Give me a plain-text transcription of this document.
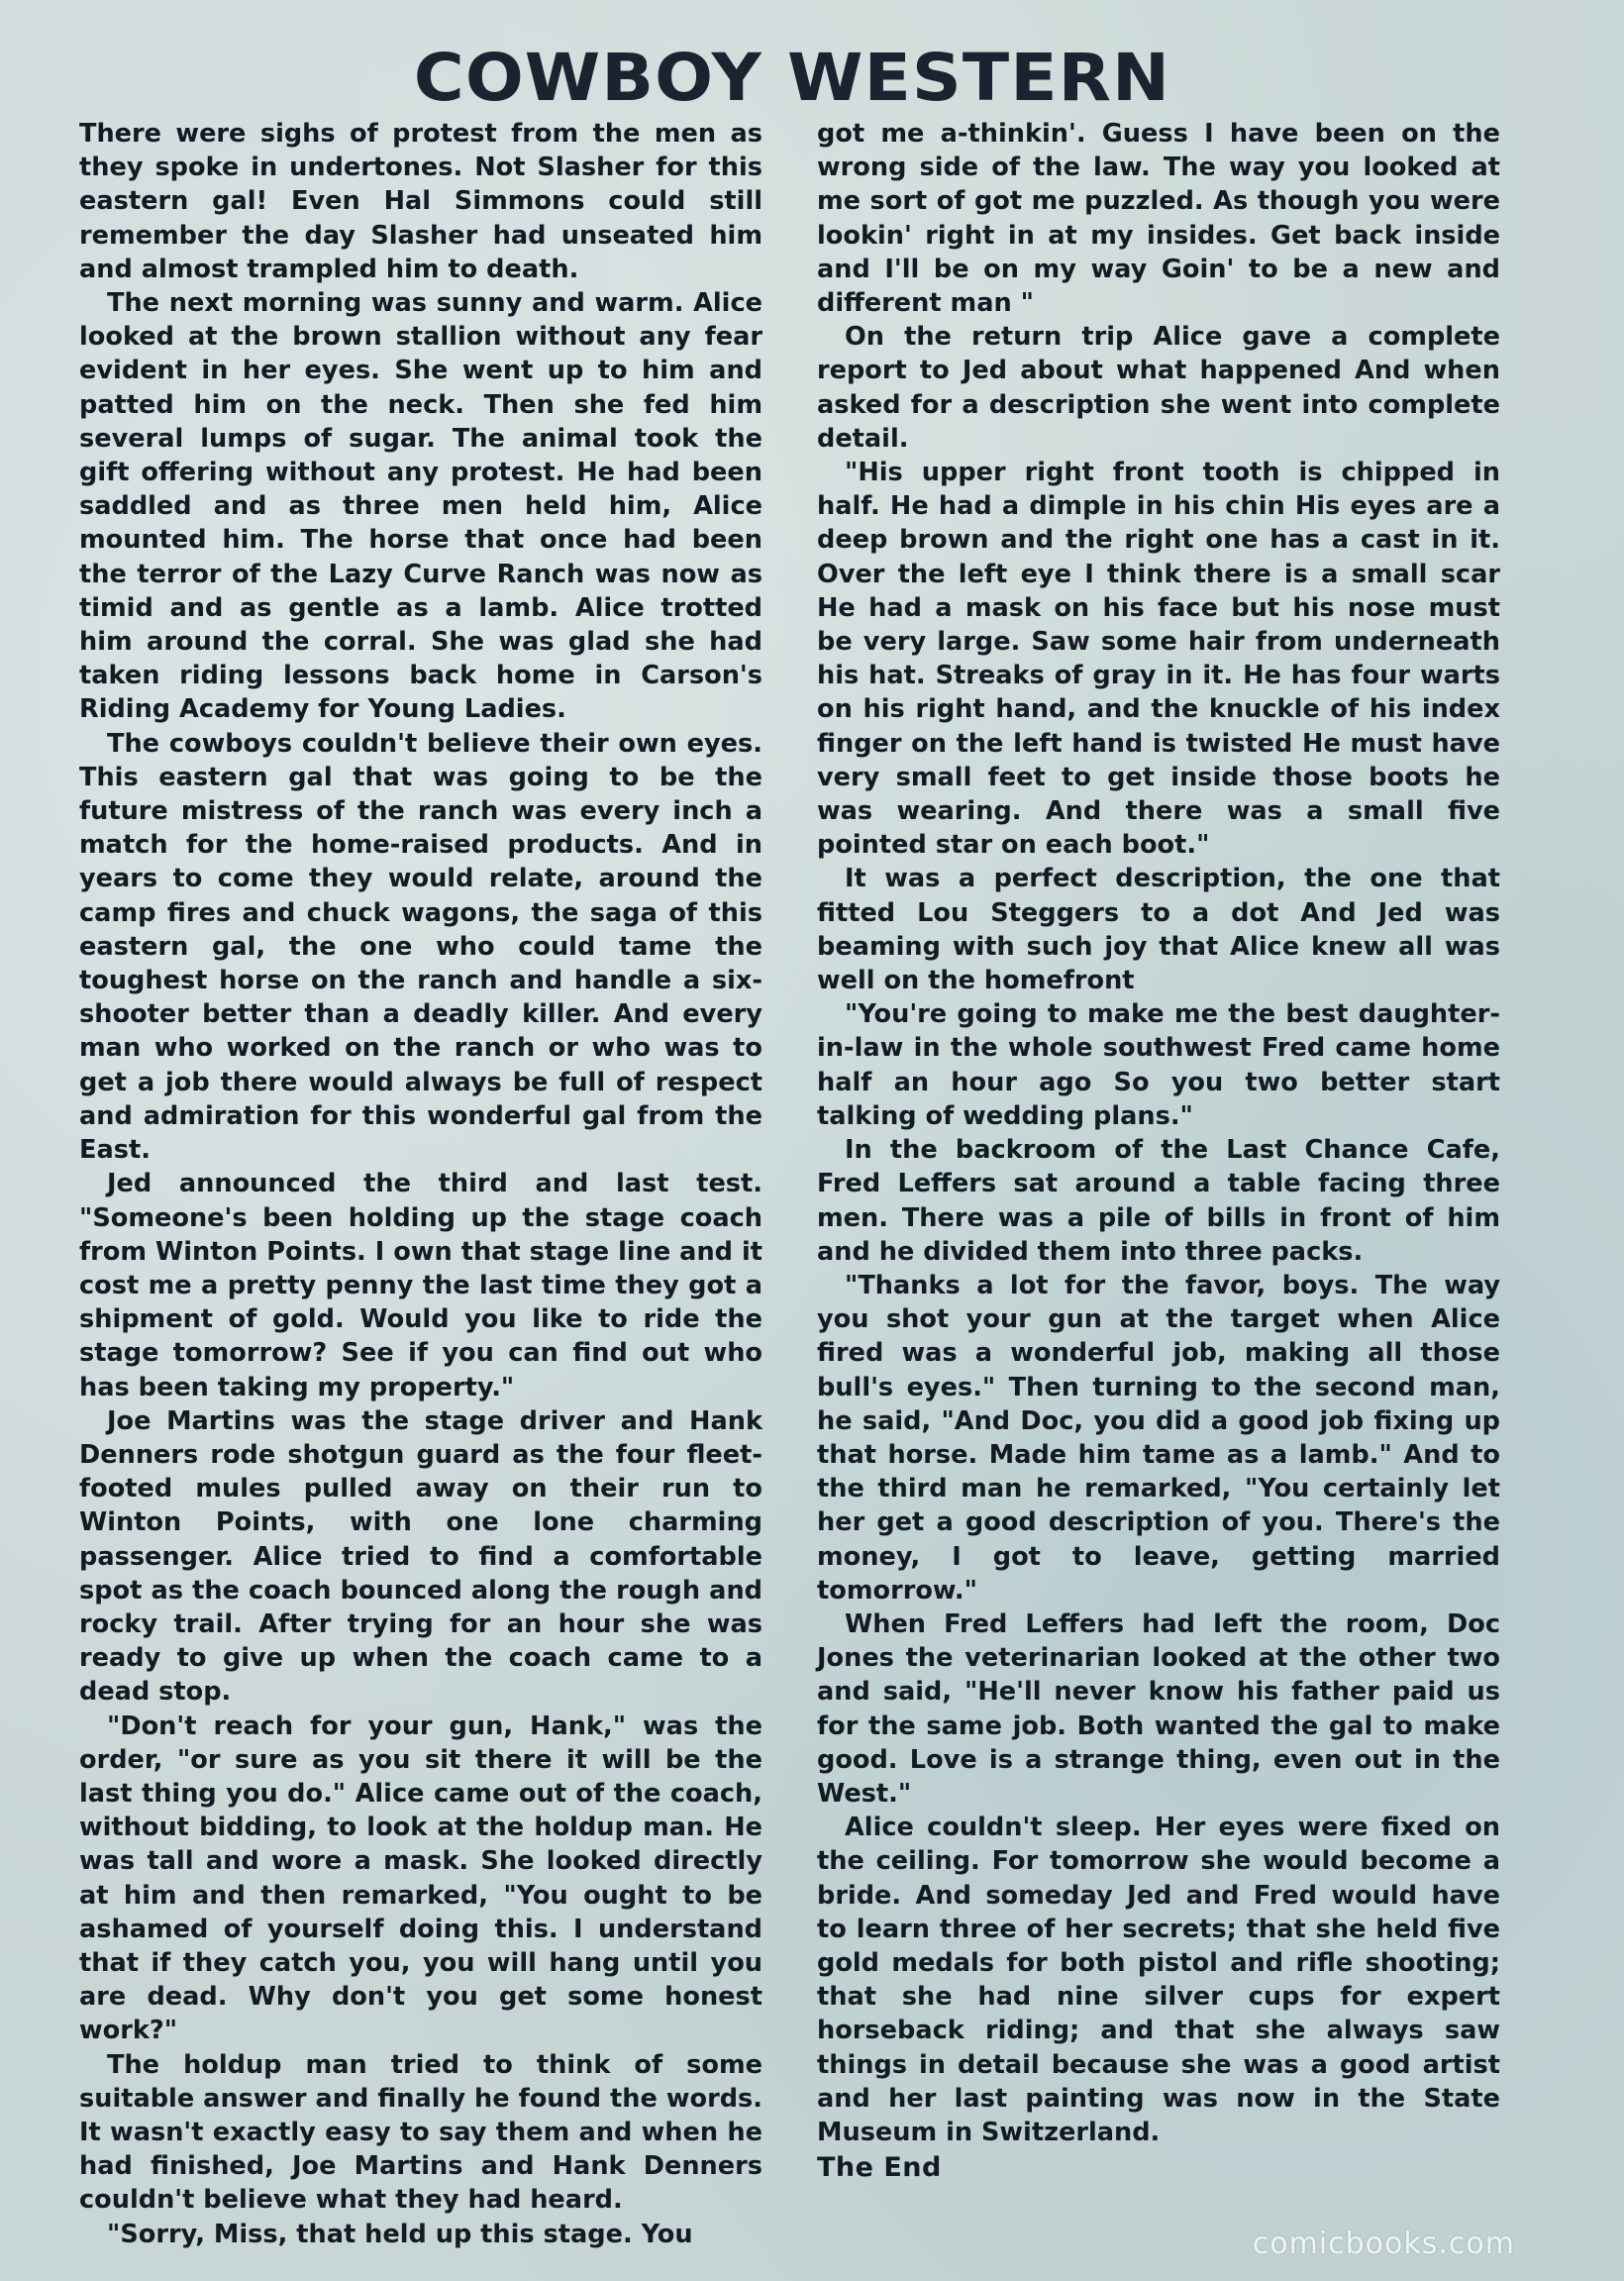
COWBOY WESTERN

There were sighs of protest from the men as they spoke in undertones. Not Slasher for this eastern gal! Even Hal Simmons could still remember the day Slasher had unseated him and almost trampled him to death.

The next morning was sunny and warm. Alice looked at the brown stallion without any fear evident in her eyes. She went up to him and patted him on the neck. Then she fed him several lumps of sugar. The animal took the gift offering without any protest. He had been saddled and as three men held him, Alice mounted him. The horse that once had been the terror of the Lazy Curve Ranch was now as timid and as gentle as a lamb. Alice trotted him around the corral. She was glad she had taken riding lessons back home in Carson's Riding Academy for Young Ladies.

The cowboys couldn't believe their own eyes. This eastern gal that was going to be the future mistress of the ranch was every inch a match for the home-raised products. And in years to come they would relate, around the camp fires and chuck wagons, the saga of this eastern gal, the one who could tame the toughest horse on the ranch and handle a six-shooter better than a deadly killer. And every man who worked on the ranch or who was to get a job there would always be full of respect and admiration for this wonderful gal from the East.

Jed announced the third and last test. "Someone's been holding up the stage coach from Winton Points. I own that stage line and it cost me a pretty penny the last time they got a shipment of gold. Would you like to ride the stage tomorrow? See if you can find out who has been taking my property."

Joe Martins was the stage driver and Hank Denners rode shotgun guard as the four fleet-footed mules pulled away on their run to Winton Points, with one lone charming passenger. Alice tried to find a comfortable spot as the coach bounced along the rough and rocky trail. After trying for an hour she was ready to give up when the coach came to a dead stop.

"Don't reach for your gun, Hank," was the order, "or sure as you sit there it will be the last thing you do." Alice came out of the coach, without bidding, to look at the holdup man. He was tall and wore a mask. She looked directly at him and then remarked, "You ought to be ashamed of yourself doing this. I understand that if they catch you, you will hang until you are dead. Why don't you get some honest work?"

The holdup man tried to think of some suitable answer and finally he found the words. It wasn't exactly easy to say them and when he had finished, Joe Martins and Hank Denners couldn't believe what they had heard.

"Sorry, Miss, that held up this stage. You

got me a-thinkin'. Guess I have been on the wrong side of the law. The way you looked at me sort of got me puzzled. As though you were lookin' right in at my insides. Get back inside and I'll be on my way Goin' to be a new and different man "

On the return trip Alice gave a complete report to Jed about what happened And when asked for a description she went into complete detail.

"His upper right front tooth is chipped in half. He had a dimple in his chin His eyes are a deep brown and the right one has a cast in it. Over the left eye I think there is a small scar He had a mask on his face but his nose must be very large. Saw some hair from underneath his hat. Streaks of gray in it. He has four warts on his right hand, and the knuckle of his index finger on the left hand is twisted He must have very small feet to get inside those boots he was wearing. And there was a small five pointed star on each boot."

It was a perfect description, the one that fitted Lou Steggers to a dot And Jed was beaming with such joy that Alice knew all was well on the homefront

"You're going to make me the best daughter-in-law in the whole southwest Fred came home half an hour ago So you two better start talking of wedding plans."

In the backroom of the Last Chance Cafe, Fred Leffers sat around a table facing three men. There was a pile of bills in front of him and he divided them into three packs.

"Thanks a lot for the favor, boys. The way you shot your gun at the target when Alice fired was a wonderful job, making all those bull's eyes." Then turning to the second man, he said, "And Doc, you did a good job fixing up that horse. Made him tame as a lamb." And to the third man he remarked, "You certainly let her get a good description of you. There's the money, I got to leave, getting married tomorrow."

When Fred Leffers had left the room, Doc Jones the veterinarian looked at the other two and said, "He'll never know his father paid us for the same job. Both wanted the gal to make good. Love is a strange thing, even out in the West."

Alice couldn't sleep. Her eyes were fixed on the ceiling. For tomorrow she would become a bride. And someday Jed and Fred would have to learn three of her secrets; that she held five gold medals for both pistol and rifle shooting; that she had nine silver cups for expert horseback riding; and that she always saw things in detail because she was a good artist and her last painting was now in the State Museum in Switzerland.

The End

comicbooks.com
